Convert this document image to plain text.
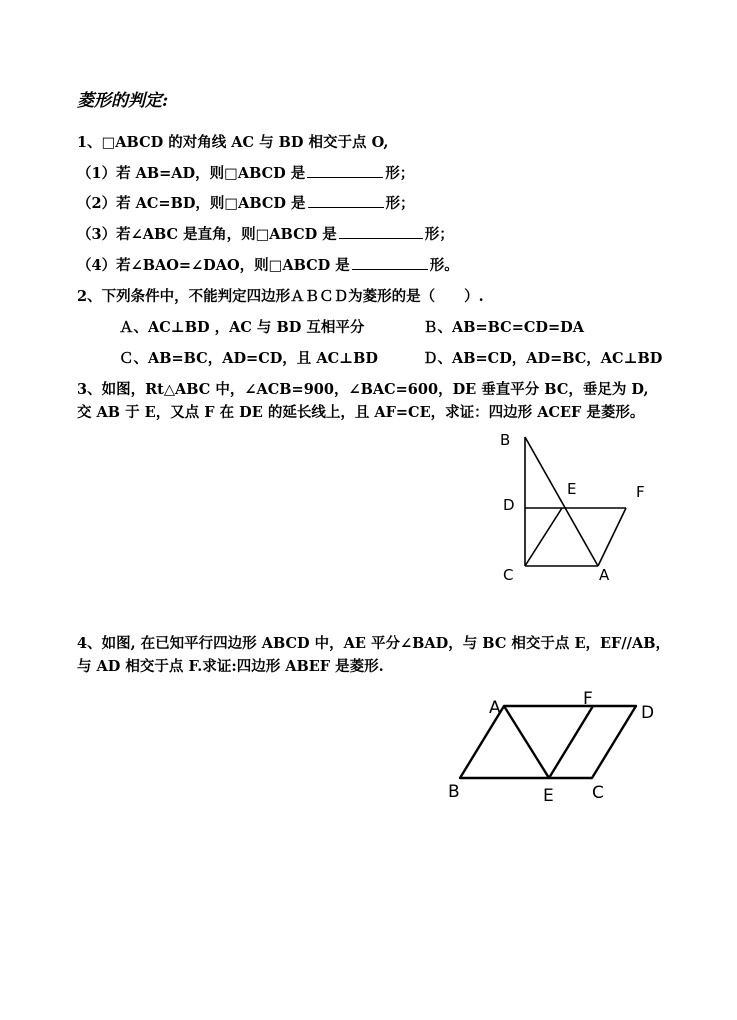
菱形的判定:
1、□ABCD 的对角线 AC 与 BD 相交于点 O,
（1）若 AB=AD，则□ABCD 是	形；
（2）若 AC=BD，则□ABCD 是	形；
（3）若∠ABC 是直角，则□ABCD 是	形；
（4）若∠BAO=∠DAO，则□ABCD 是	形。
2、下列条件中，不能判定四边形ＡＢＣＤ为菱形的是（　　）.
Ａ、AC⊥BD ，AC 与 BD 互相平分	Ｂ、AB=BC=CD=DA
Ｃ、AB=BC，AD=CD，且 AC⊥BD	Ｄ、AB=CD，AD=BC，AC⊥BD
3、如图，Rt△ABC 中，∠ACB=900，∠BAC=600，DE 垂直平分 BC，垂足为 D,
交 AB 于 E，又点 F 在 DE 的延长线上，且 AF=CE，求证：四边形 ACEF 是菱形。
B
E	F
D
C	A
4、如图, 在已知平行四边形 ABCD 中，AE 平分∠BAD，与 BC 相交于点 E，EF//AB，
与 AD 相交于点 F.求证:四边形 ABEF 是菱形.
A	F
D
B	E C
